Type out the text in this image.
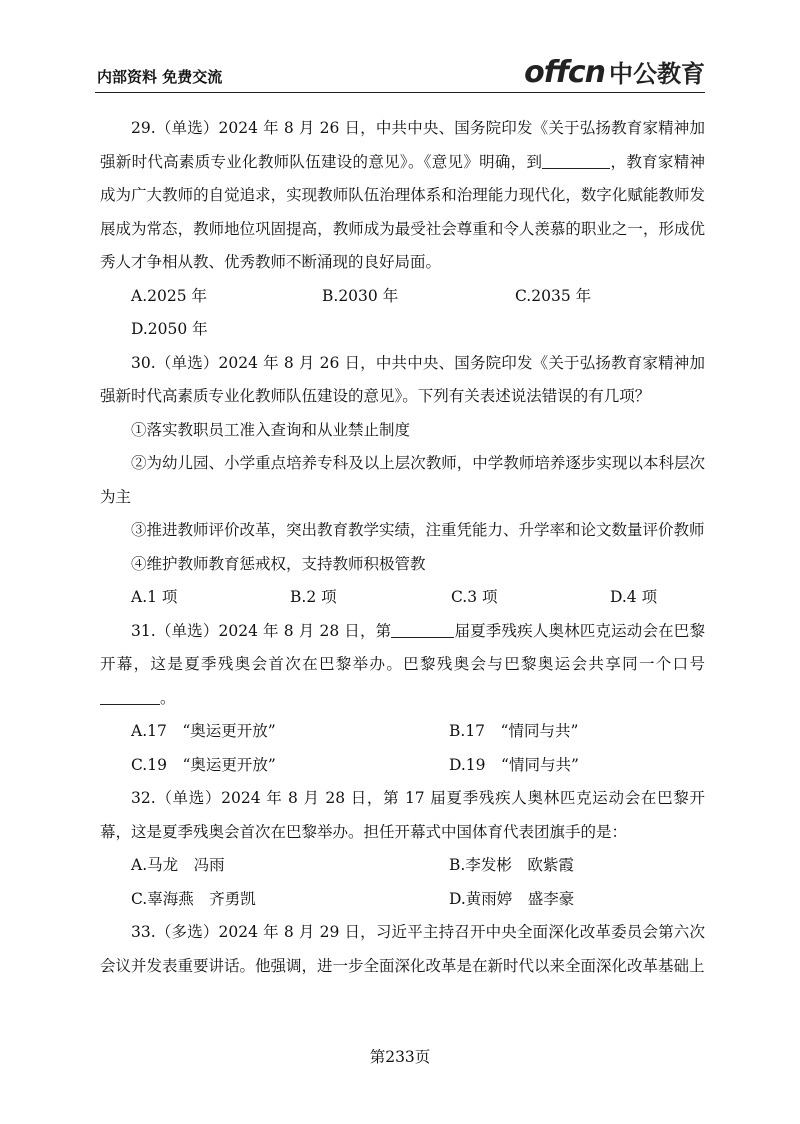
内部资料 免费交流	offcn 中公教育

29.（单选）2024 年 8 月 26 日，中共中央、国务院印发《关于弘扬教育家精神加强新时代高素质专业化教师队伍建设的意见》。《意见》明确，到	，教育家精神成为广大教师的自觉追求，实现教师队伍治理体系和治理能力现代化，数字化赋能教师发展成为常态，教师地位巩固提高，教师成为最受社会尊重和令人羡慕的职业之一，形成优秀人才争相从教、优秀教师不断涌现的良好局面。

A.2025 年	B.2030 年	C.2035 年
D.2050 年

30.（单选）2024 年 8 月 26 日，中共中央、国务院印发《关于弘扬教育家精神加强新时代高素质专业化教师队伍建设的意见》。下列有关表述说法错误的有几项？

①落实教职员工准入查询和从业禁止制度

②为幼儿园、小学重点培养专科及以上层次教师，中学教师培养逐步实现以本科层次为主

③推进教师评价改革，突出教育教学实绩，注重凭能力、升学率和论文数量评价教师

④维护教师教育惩戒权，支持教师积极管教

A.1 项	B.2 项	C.3 项	D.4 项

31.（单选）2024 年 8 月 28 日，第	届夏季残疾人奥林匹克运动会在巴黎开幕，这是夏季残奥会首次在巴黎举办。巴黎残奥会与巴黎奥运会共享同一个口号。

A.17　“奥运更开放”	B.17　“情同与共”
C.19　“奥运更开放”	D.19　“情同与共”

32.（单选）2024 年 8 月 28 日，第 17 届夏季残疾人奥林匹克运动会在巴黎开幕，这是夏季残奥会首次在巴黎举办。担任开幕式中国体育代表团旗手的是：

A.马龙　冯雨	B.李发彬　欧紫霞
C.辜海燕　齐勇凯	D.黄雨婷　盛李豪

33.（多选）2024 年 8 月 29 日，习近平主持召开中央全面深化改革委员会第六次会议并发表重要讲话。他强调，进一步全面深化改革是在新时代以来全面深化改革基础上

第233页
